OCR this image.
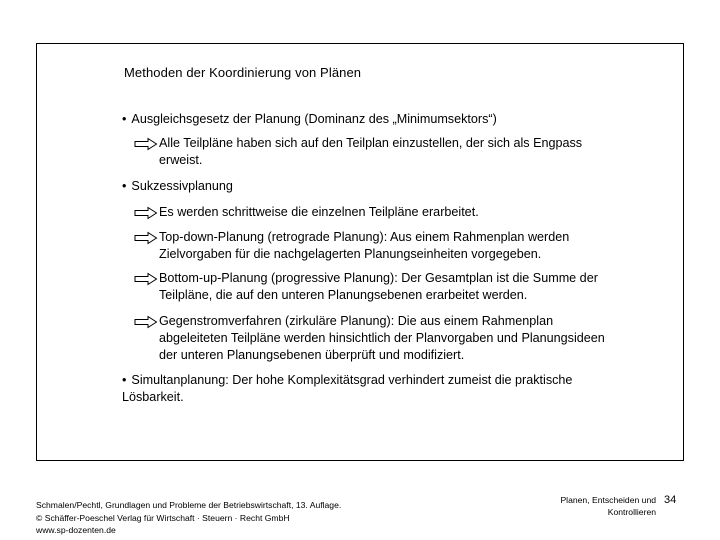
Methoden der Koordinierung von Plänen
• Ausgleichsgesetz der Planung (Dominanz des „Minimumsektors“)
Alle Teilpläne haben sich auf den Teilplan einzustellen, der sich als Engpass erweist.
• Sukzessivplanung
Es werden schrittweise die einzelnen Teilpläne erarbeitet.
Top-down-Planung (retrograde Planung): Aus einem Rahmenplan werden Zielvorgaben für die nachgelagerten Planungseinheiten vorgegeben.
Bottom-up-Planung (progressive Planung): Der Gesamtplan ist die Summe der Teilpläne, die auf den unteren Planungsebenen erarbeitet werden.
Gegenstromverfahren (zirkuläre Planung): Die aus einem Rahmenplan abgeleiteten Teilpläne werden hinsichtlich der Planvorgaben und Planungsideen der unteren Planungsebenen überprüft und modifiziert.
• Simultanplanung: Der hohe Komplexitätsgrad verhindert zumeist die praktische Lösbarkeit.
Schmalen/Pechtl, Grundlagen und Probleme der Betriebswirtschaft, 13. Auflage.
© Schäffer-Poeschel Verlag für Wirtschaft · Steuern · Recht GmbH
www.sp-dozenten.de
Planen, Entscheiden und
Kontrollieren
34
